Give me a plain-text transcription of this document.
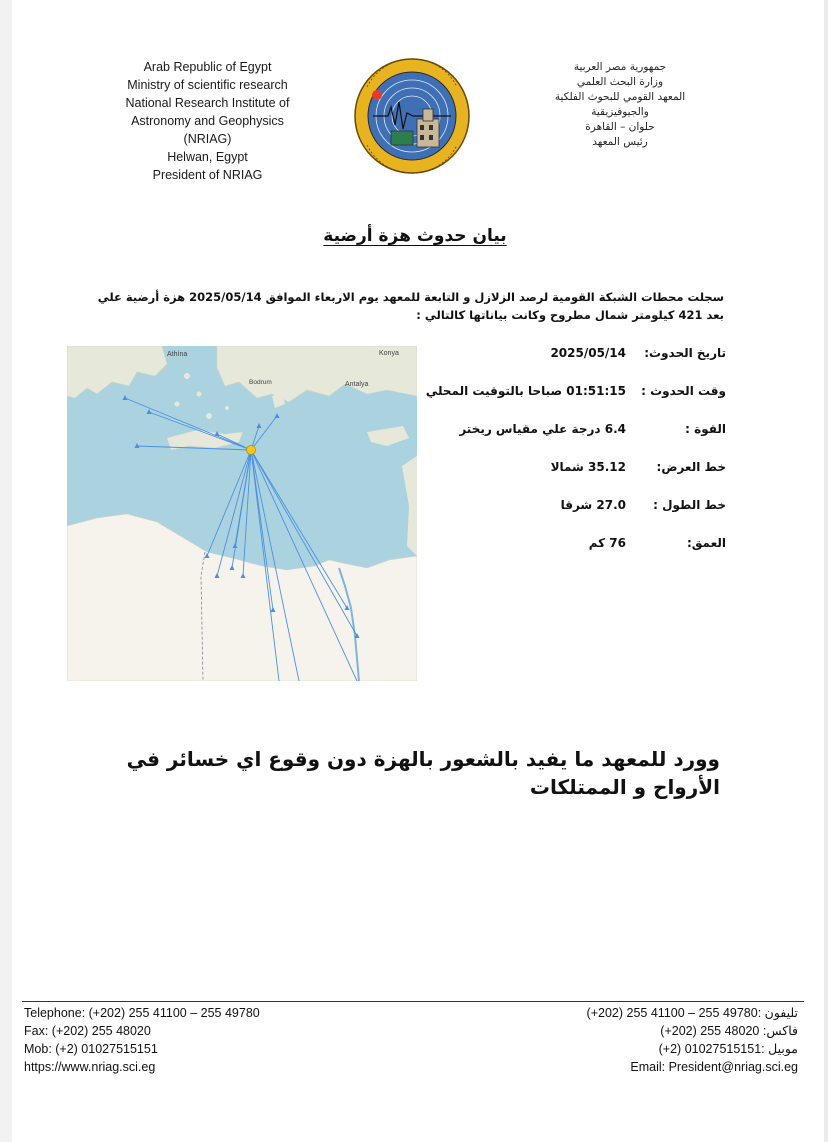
Arab Republic of Egypt
Ministry of scientific research
National Research Institute of
Astronomy and Geophysics
(NRIAG)
Helwan, Egypt
President of NRIAG
جمهورية مصر العربية
وزارة البحث العلمي
المعهد القومي للبحوث الفلكية
والجيوفيزيقية
حلوان – القاهرة
رئيس المعهد
بيان حدوث هزة أرضية
سجلت محطات الشبكة القومية لرصد الزلازل و التابعة للمعهد يوم الاربعاء الموافق 2025/05/14 هزة أرضية علي بعد 421 كيلومتر شمال مطروح وكانت بياناتها كالتالي :
Athína	Konya
Antalya
Bodrum
تاريخ الحدوث:
2025/05/14
وقت الحدوث :
01:51:15 صباحا بالتوقيت المحلي
القوة :
6.4 درجة علي مقياس ريختر
خط العرض:
35.12 شمالا
خط الطول :
27.0 شرقا
العمق:
76 كم
وورد للمعهد ما يفيد بالشعور بالهزة دون وقوع اي خسائر في الأرواح و الممتلكات
Telephone: (+202) 255 41100 – 255 49780
Fax: (+202) 255 48020
Mob: (+2) 01027515151
https://www.nriag.sci.eg
تليفون :49780 255 – 41100 255 (202+)
فاكس: 48020 255 (202+)
موبيل :01027515151 (2+)
Email: President@nriag.sci.eg
